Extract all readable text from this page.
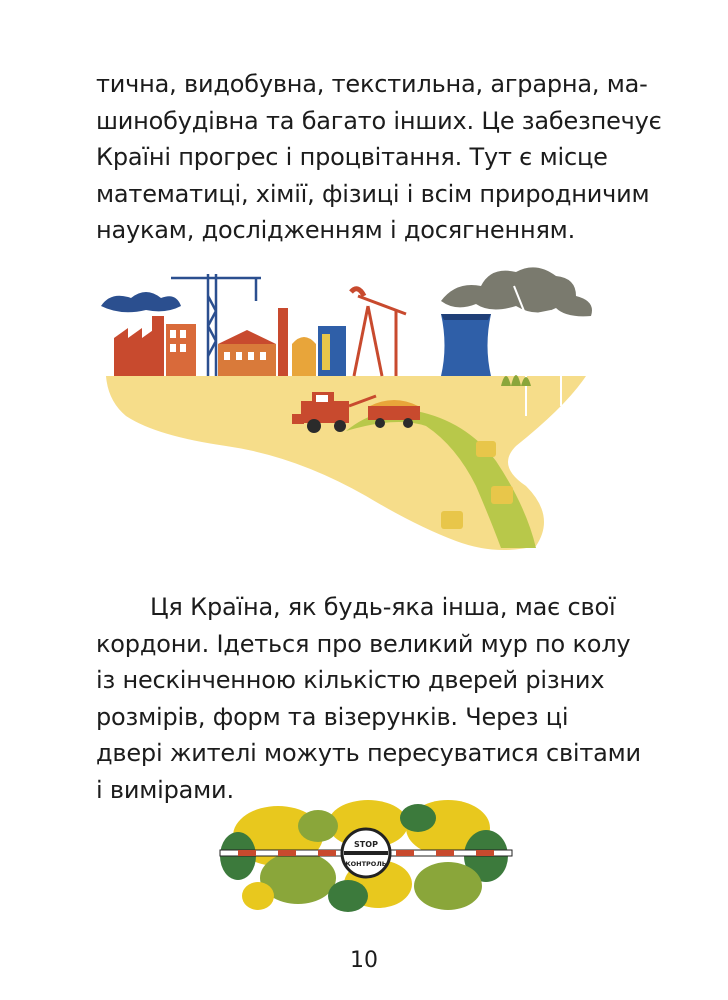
тична, видобувна, текстильна, аграрна, ма-
шинобудівна та багато інших. Це забезпечує
Країні прогрес і процвітання. Тут є місце
математиці, хімії, фізиці і всім природничим
наукам, дослідженням і досягненням.

Ця Країна, як будь-яка інша, має свої
кордони. Ідеться про великий мур по колу
із нескінченною кількістю дверей різних
розмірів, форм та візерунків. Через ці
двері жителі можуть пересуватися світами
і вимірами.

STOP
КОНТРОЛЬ
10
